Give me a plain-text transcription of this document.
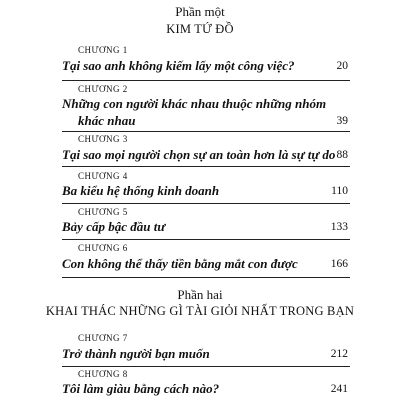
Phần một
KIM TỨ ĐỒ
CHƯƠNG 1
Tại sao anh không kiếm lấy một công việc?	20
CHƯƠNG 2
Những con người khác nhau thuộc những nhóm
khác nhau	39
CHƯƠNG 3
Tại sao mọi người chọn sự an toàn hơn là sự tự do 88
CHƯƠNG 4
Ba kiểu hệ thống kinh doanh	110
CHƯƠNG 5
Bảy cấp bậc đầu tư	133
CHƯƠNG 6
Con không thể thấy tiền bằng mắt con được	166
Phần hai
KHAI THÁC NHỮNG GÌ TÀI GIỎI NHẤT TRONG BẠN
CHƯƠNG 7
Trở thành người bạn muốn	212
CHƯƠNG 8
Tôi làm giàu bằng cách nào?	241
